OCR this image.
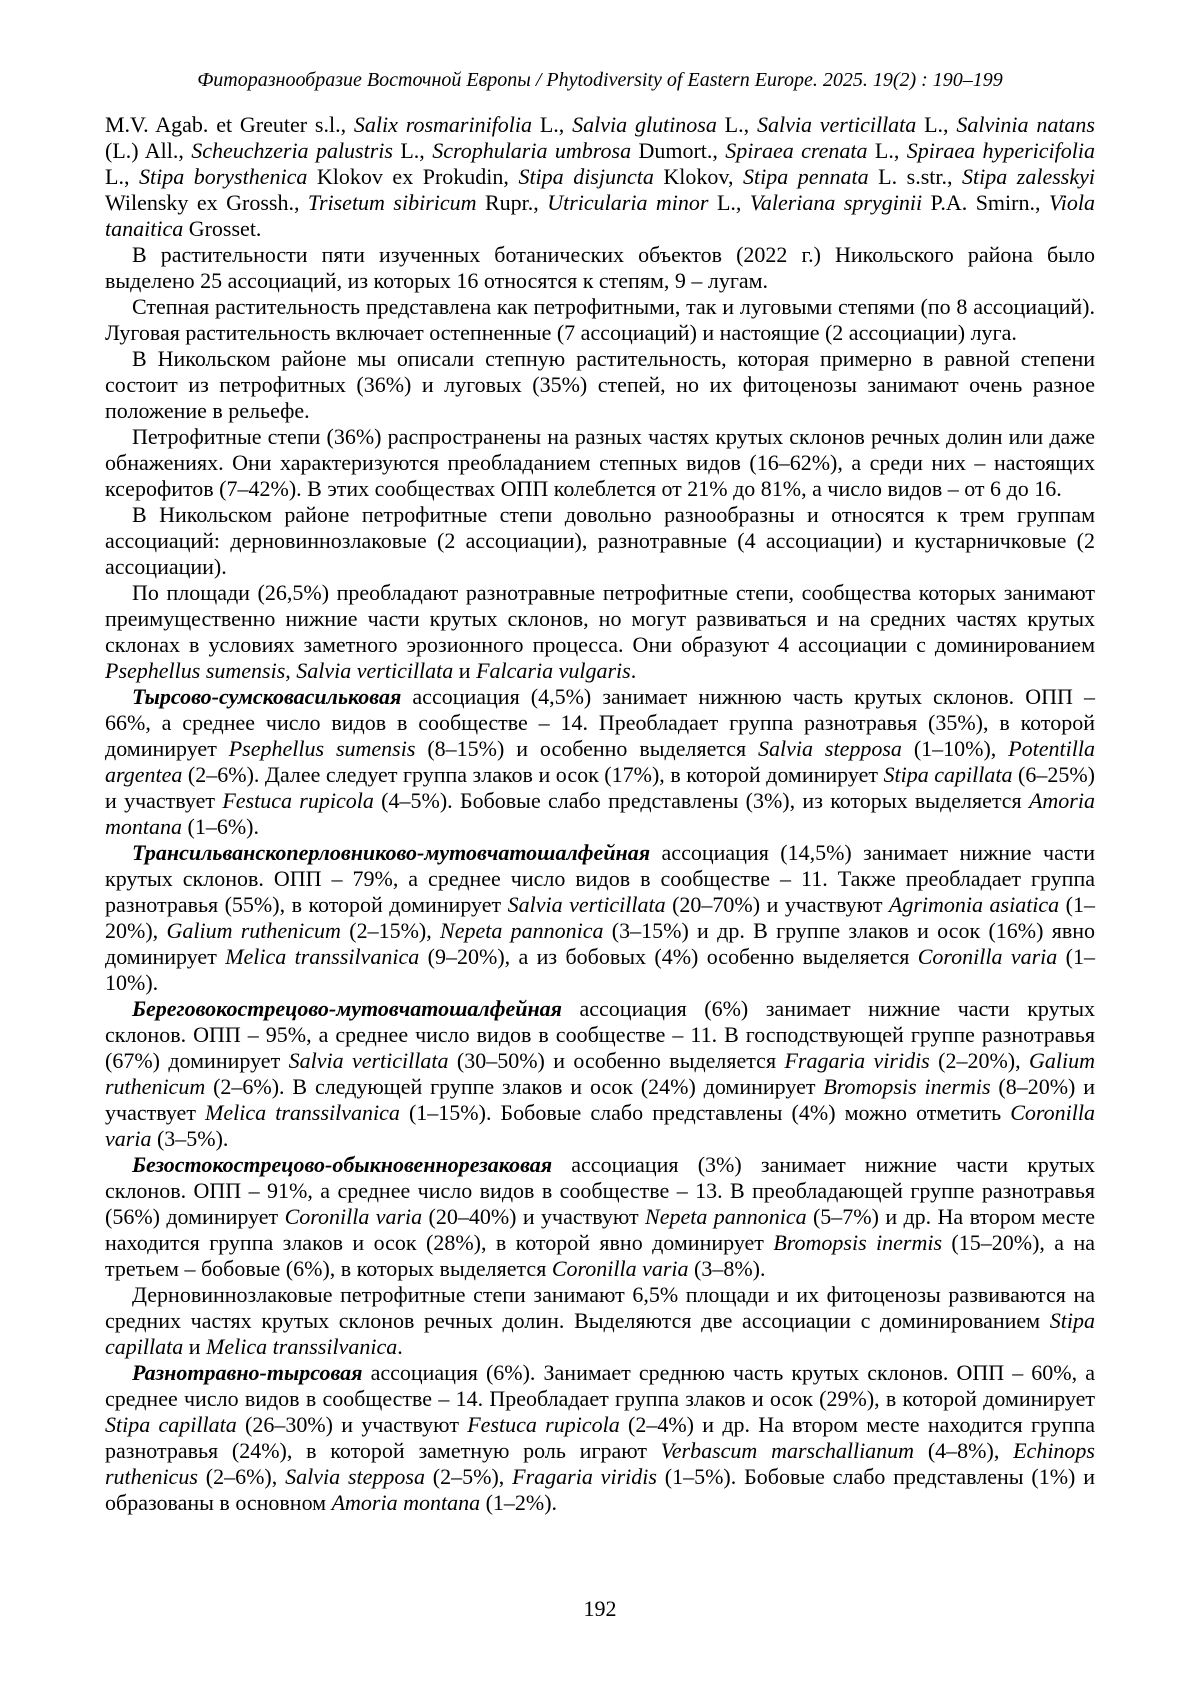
Фиторазнообразие Восточной Европы / Phytodiversity of Eastern Europe. 2025. 19(2) : 190–199

M.V. Agab. et Greuter s.l., Salix rosmarinifolia L., Salvia glutinosa L., Salvia verticillata L., Salvinia natans (L.) All., Scheuchzeria palustris L., Scrophularia umbrosa Dumort., Spiraea crenata L., Spiraea hypericifolia L., Stipa borysthenica Klokov ex Prokudin, Stipa disjuncta Klokov, Stipa pennata L. s.str., Stipa zalesskyi Wilensky ex Grossh., Trisetum sibiricum Rupr., Utricularia minor L., Valeriana spryginii P.A. Smirn., Viola tanaitica Grosset.

В растительности пяти изученных ботанических объектов (2022 г.) Никольского района было выделено 25 ассоциаций, из которых 16 относятся к степям, 9 – лугам.

Степная растительность представлена как петрофитными, так и луговыми степями (по 8 ассоциаций). Луговая растительность включает остепненные (7 ассоциаций) и настоящие (2 ассоциации) луга.

В Никольском районе мы описали степную растительность, которая примерно в равной степени состоит из петрофитных (36%) и луговых (35%) степей, но их фитоценозы занимают очень разное положение в рельефе.

Петрофитные степи (36%) распространены на разных частях крутых склонов речных долин или даже обнажениях. Они характеризуются преобладанием степных видов (16–62%), а среди них – настоящих ксерофитов (7–42%). В этих сообществах ОПП колеблется от 21% до 81%, а число видов – от 6 до 16.

В Никольском районе петрофитные степи довольно разнообразны и относятся к трем группам ассоциаций: дерновиннозлаковые (2 ассоциации), разнотравные (4 ассоциации) и кустарничковые (2 ассоциации).

По площади (26,5%) преобладают разнотравные петрофитные степи, сообщества которых занимают преимущественно нижние части крутых склонов, но могут развиваться и на средних частях крутых склонах в условиях заметного эрозионного процесса. Они образуют 4 ассоциации с доминированием Psephellus sumensis, Salvia verticillata и Falcaria vulgaris.

Тырсово-сумсковасильковая ассоциация (4,5%) занимает нижнюю часть крутых склонов. ОПП – 66%, а среднее число видов в сообществе – 14. Преобладает группа разнотравья (35%), в которой доминирует Psephellus sumensis (8–15%) и особенно выделяется Salvia stepposa (1–10%), Potentilla argentea (2–6%). Далее следует группа злаков и осок (17%), в которой доминирует Stipa capillata (6–25%) и участвует Festuca rupicola (4–5%). Бобовые слабо представлены (3%), из которых выделяется Amoria montana (1–6%).

Трансильванскоперловниково-мутовчатошалфейная ассоциация (14,5%) занимает нижние части крутых склонов. ОПП – 79%, а среднее число видов в сообществе – 11. Также преобладает группа разнотравья (55%), в которой доминирует Salvia verticillata (20–70%) и участвуют Agrimonia asiatica (1–20%), Galium ruthenicum (2–15%), Nepeta pannonica (3–15%) и др. В группе злаков и осок (16%) явно доминирует Melica transsilvanica (9–20%), а из бобовых (4%) особенно выделяется Coronilla varia (1–10%).

Береговокострецово-мутовчатошалфейная ассоциация (6%) занимает нижние части крутых склонов. ОПП – 95%, а среднее число видов в сообществе – 11. В господствующей группе разнотравья (67%) доминирует Salvia verticillata (30–50%) и особенно выделяется Fragaria viridis (2–20%), Galium ruthenicum (2–6%). В следующей группе злаков и осок (24%) доминирует Bromopsis inermis (8–20%) и участвует Melica transsilvanica (1–15%). Бобовые слабо представлены (4%) можно отметить Coronilla varia (3–5%).

Безостокострецово-обыкновеннорезаковая ассоциация (3%) занимает нижние части крутых склонов. ОПП – 91%, а среднее число видов в сообществе – 13. В преобладающей группе разнотравья (56%) доминирует Coronilla varia (20–40%) и участвуют Nepeta pannonica (5–7%) и др. На втором месте находится группа злаков и осок (28%), в которой явно доминирует Bromopsis inermis (15–20%), а на третьем – бобовые (6%), в которых выделяется Coronilla varia (3–8%).

Дерновиннозлаковые петрофитные степи занимают 6,5% площади и их фитоценозы развиваются на средних частях крутых склонов речных долин. Выделяются две ассоциации с доминированием Stipa capillata и Melica transsilvanica.

Разнотравно-тырсовая ассоциация (6%). Занимает среднюю часть крутых склонов. ОПП – 60%, а среднее число видов в сообществе – 14. Преобладает группа злаков и осок (29%), в которой доминирует Stipa capillata (26–30%) и участвуют Festuca rupicola (2–4%) и др. На втором месте находится группа разнотравья (24%), в которой заметную роль играют Verbascum marschallianum (4–8%), Echinops ruthenicus (2–6%), Salvia stepposa (2–5%), Fragaria viridis (1–5%). Бобовые слабо представлены (1%) и образованы в основном Amoria montana (1–2%).

192
